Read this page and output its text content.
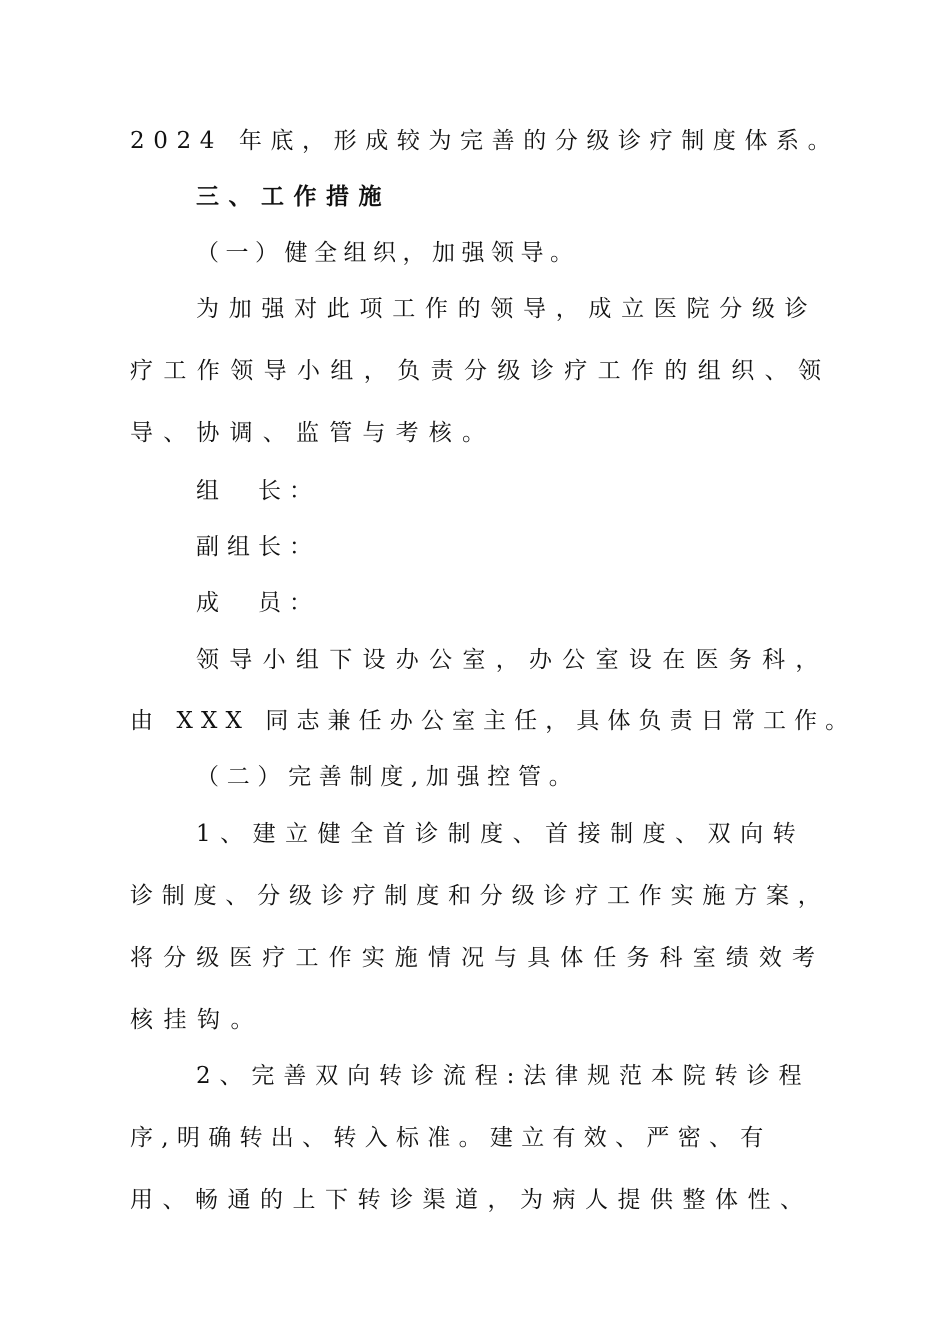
2024 年底，形成较为完善的分级诊疗制度体系。
三、工作措施
（一）健全组织，加强领导。
为加强对此项工作的领导，成立医院分级诊
疗工作领导小组，负责分级诊疗工作的组织、领
导、协调、监管与考核。
组　长：
副组长：
成　员：
领导小组下设办公室，办公室设在医务科，
由 XXX 同志兼任办公室主任，具体负责日常工作。
（二）完善制度,加强控管。
1、建立健全首诊制度、首接制度、双向转
诊制度、分级诊疗制度和分级诊疗工作实施方案，
将分级医疗工作实施情况与具体任务科室绩效考
核挂钩。
2、完善双向转诊流程:法律规范本院转诊程
序,明确转出、转入标准。建立有效、严密、有
用、畅通的上下转诊渠道，为病人提供整体性、
